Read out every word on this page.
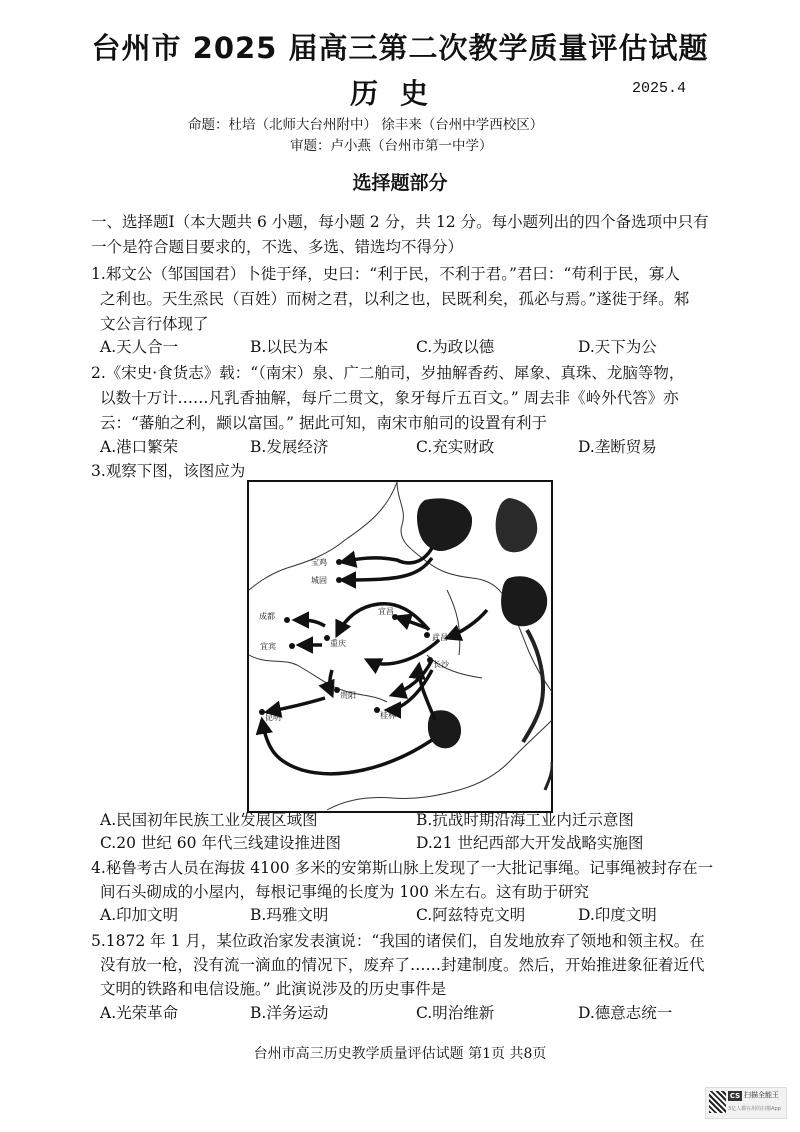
台州市 2025 届高三第二次教学质量评估试题
历史	2025.4
命题：杜培（北师大台州附中） 徐丰来（台州中学西校区）
审题：卢小燕（台州市第一中学）
选择题部分
一、选择题Ⅰ（本大题共 6 小题，每小题 2 分，共 12 分。每小题列出的四个备选项中只有
一个是符合题目要求的，不选、多选、错选均不得分）
1.邾文公（邹国国君）卜徙于绎，史曰：“利于民，不利于君。”君曰：“苟利于民，寡人
之利也。天生烝民（百姓）而树之君，以利之也，民既利矣，孤必与焉。”遂徙于绎。邾
文公言行体现了
A.天人合一	B.以民为本	C.为政以德	D.天下为公
2.《宋史·食货志》载：“（南宋）泉、广二舶司，岁抽解香药、犀象、真珠、龙脑等物，
以数十万计……凡乳香抽解，每斤二贯文，象牙每斤五百文。” 周去非《岭外代答》亦
云：“蕃舶之利，颛以富国。” 据此可知，南宋市舶司的设置有利于
A.港口繁荣	B.发展经济	C.充实财政	D.垄断贸易
3.观察下图，该图应为
宝鸡
城固
成都
宜宾	重庆
宜昌
武昌
长沙
贵阳
昆明	桂林
A.民国初年民族工业发展区域图	B.抗战时期沿海工业内迁示意图
C.20 世纪 60 年代三线建设推进图	D.21 世纪西部大开发战略实施图
4.秘鲁考古人员在海拔 4100 多米的安第斯山脉上发现了一大批记事绳。记事绳被封存在一
间石头砌成的小屋内，每根记事绳的长度为 100 米左右。这有助于研究
A.印加文明	B.玛雅文明	C.阿兹特克文明	D.印度文明
5.1872 年 1 月，某位政治家发表演说：“我国的诸侯们，自发地放弃了领地和领主权。在
没有放一枪，没有流一滴血的情况下，废弃了……封建制度。然后，开始推进象征着近代
文明的铁路和电信设施。” 此演说涉及的历史事件是
A.光荣革命	B.洋务运动	C.明治维新	D.德意志统一
台州市高三历史教学质量评估试题 第1页 共8页
CS 扫描全能王
3亿人都在用的扫描App
